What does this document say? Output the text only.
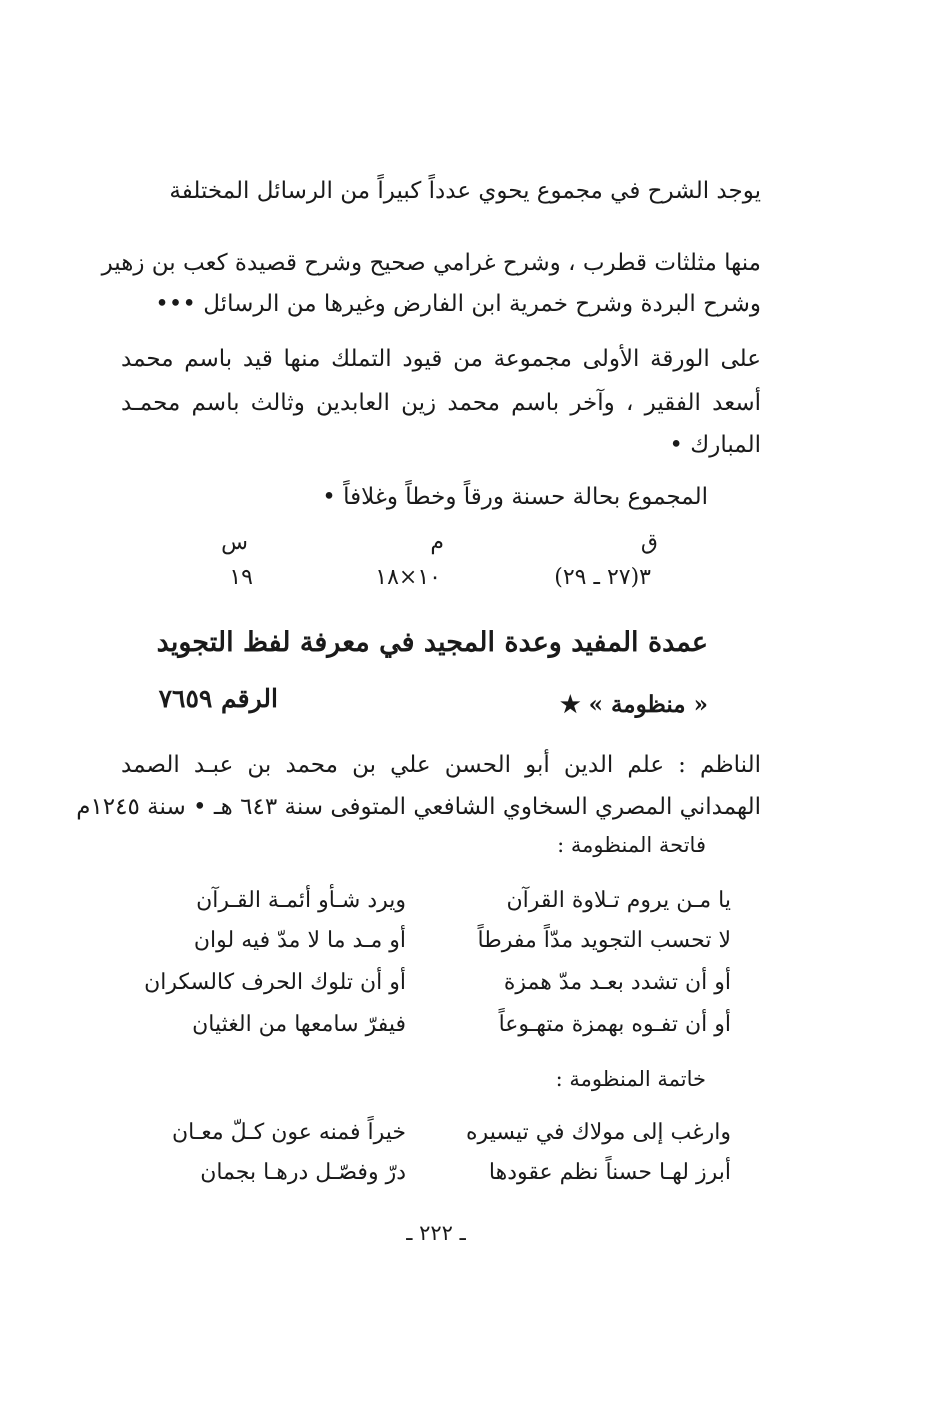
يوجد الشرح في مجموع يحوي عدداً كبيراً من الرسائل المختلفة
منها مثلثات قطرب ، وشرح غرامي صحيح وشرح قصيدة كعب بن زهير
وشرح البردة وشرح خمرية ابن الفارض وغيرها من الرسائل •••
على الورقة الأولى مجموعة من قيود التملك منها قيد باسم محمد
أسعد الفقير ، وآخر باسم محمد زين العابدين وثالث باسم محمـد
المبارك •
المجموع بحالة حسنة ورقاً وخطاً وغلافاً •
ق
م
س
٣(٢٧ ـ ٢٩)
١٠×١٨
١٩
عمدة المفيد وعدة المجيد في معرفة لفظ التجويد
« منظومة » ★
الرقم ٧٦٥٩
الناظم : علم الدين أبو الحسن علي بن محمد بن عبـد الصمد
الهمداني المصري السخاوي الشافعي المتوفى سنة ٦٤٣ هـ • سنة ١٢٤٥م
فاتحة المنظومة :
يا مـن يروم تـلاوة القرآن
ويرد شـأو أئمـة القـرآن
لا تحسب التجويد مدّاً مفرطاً
أو مـد ما لا مدّ فيه لوان
أو أن تشدد بعـد مدّ همزة
أو أن تلوك الحرف كالسكران
أو أن تفـوه بهمزة متهـوعاً
فيفرّ سامعها من الغثيان
خاتمة المنظومة :
وارغب إلى مولاك في تيسيره
خيراً فمنه عون كـلّ معـان
أبرز لهـا حسناً نظم عقودها
درّ وفصّـل درهـا بجمان
ـ ٢٢٢ ـ
